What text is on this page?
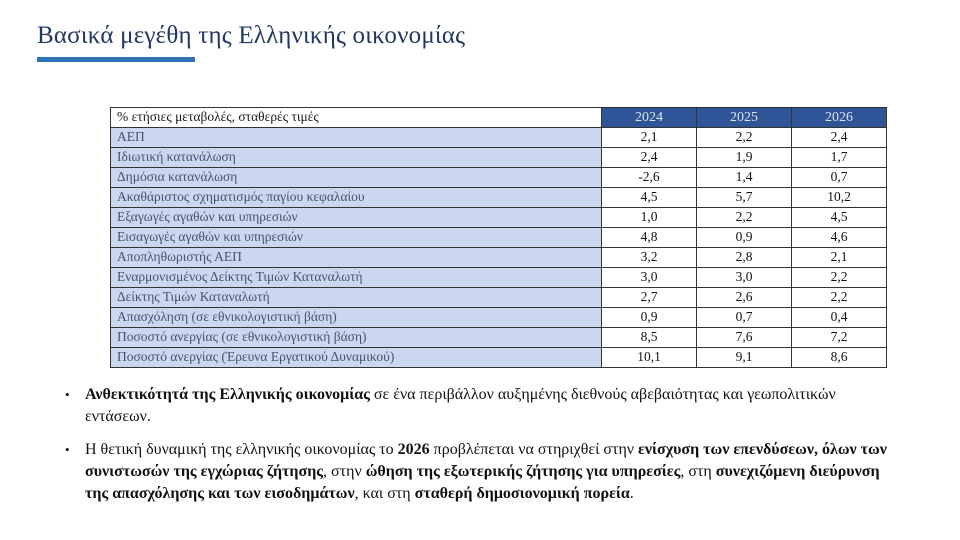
Βασικά μεγέθη της Ελληνικής οικονομίας
% ετήσιες μεταβολές, σταθερές τιμές	2024	2025	2026
ΑΕΠ	2,1	2,2	2,4
Ιδιωτική κατανάλωση	2,4	1,9	1,7
Δημόσια κατανάλωση	-2,6	1,4	0,7
Ακαθάριστος σχηματισμός παγίου κεφαλαίου	4,5	5,7	10,2
Εξαγωγές αγαθών και υπηρεσιών	1,0	2,2	4,5
Εισαγωγές αγαθών και υπηρεσιών	4,8	0,9	4,6
Αποπληθωριστής ΑΕΠ	3,2	2,8	2,1
Εναρμονισμένος Δείκτης Τιμών Καταναλωτή	3,0	3,0	2,2
Δείκτης Τιμών Καταναλωτή	2,7	2,6	2,2
Απασχόληση (σε εθνικολογιστική βάση)	0,9	0,7	0,4
Ποσοστό ανεργίας (σε εθνικολογιστική βάση)	8,5	7,6	7,2
Ποσοστό ανεργίας (Έρευνα Εργατικού Δυναμικού)	10,1	9,1	8,6
• Ανθεκτικότητά της Ελληνικής οικονομίας σε ένα περιβάλλον αυξημένης διεθνούς αβεβαιότητας και γεωπολιτικών εντάσεων.
• Η θετική δυναμική της ελληνικής οικονομίας το 2026 προβλέπεται να στηριχθεί στην ενίσχυση των επενδύσεων, όλων των συνιστωσών της εγχώριας ζήτησης, στην ώθηση της εξωτερικής ζήτησης για υπηρεσίες, στη συνεχιζόμενη διεύρυνση της απασχόλησης και των εισοδημάτων, και στη σταθερή δημοσιονομική πορεία.
